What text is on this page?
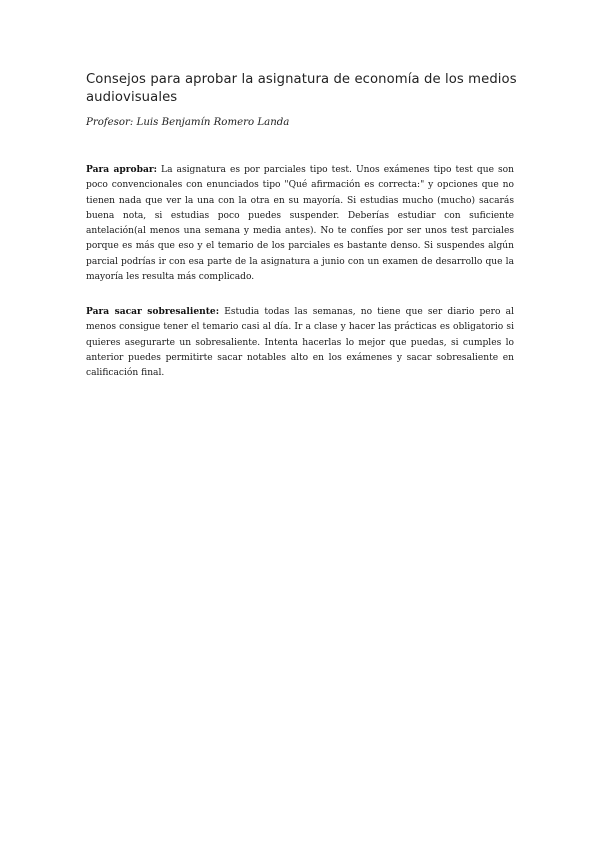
Consejos para aprobar la asignatura de economía de los medios audiovisuales

Profesor: Luis Benjamín Romero Landa

Para aprobar: La asignatura es por parciales tipo test. Unos exámenes tipo test que son poco convencionales con enunciados tipo "Qué afirmación es correcta:" y opciones que no tienen nada que ver la una con la otra en su mayoría. Si estudias mucho (mucho) sacarás buena nota, si estudias poco puedes suspender. Deberías estudiar con suficiente antelación(al menos una semana y media antes). No te confíes por ser unos test parciales porque es más que eso y el temario de los parciales es bastante denso. Si suspendes algún parcial podrías ir con esa parte de la asignatura a junio con un examen de desarrollo que la mayoría les resulta más complicado.

Para sacar sobresaliente: Estudia todas las semanas, no tiene que ser diario pero al menos consigue tener el temario casi al día. Ir a clase y hacer las prácticas es obligatorio si quieres asegurarte un sobresaliente. Intenta hacerlas lo mejor que puedas, si cumples lo anterior puedes permitirte sacar notables alto en los exámenes y sacar sobresaliente en calificación final.
